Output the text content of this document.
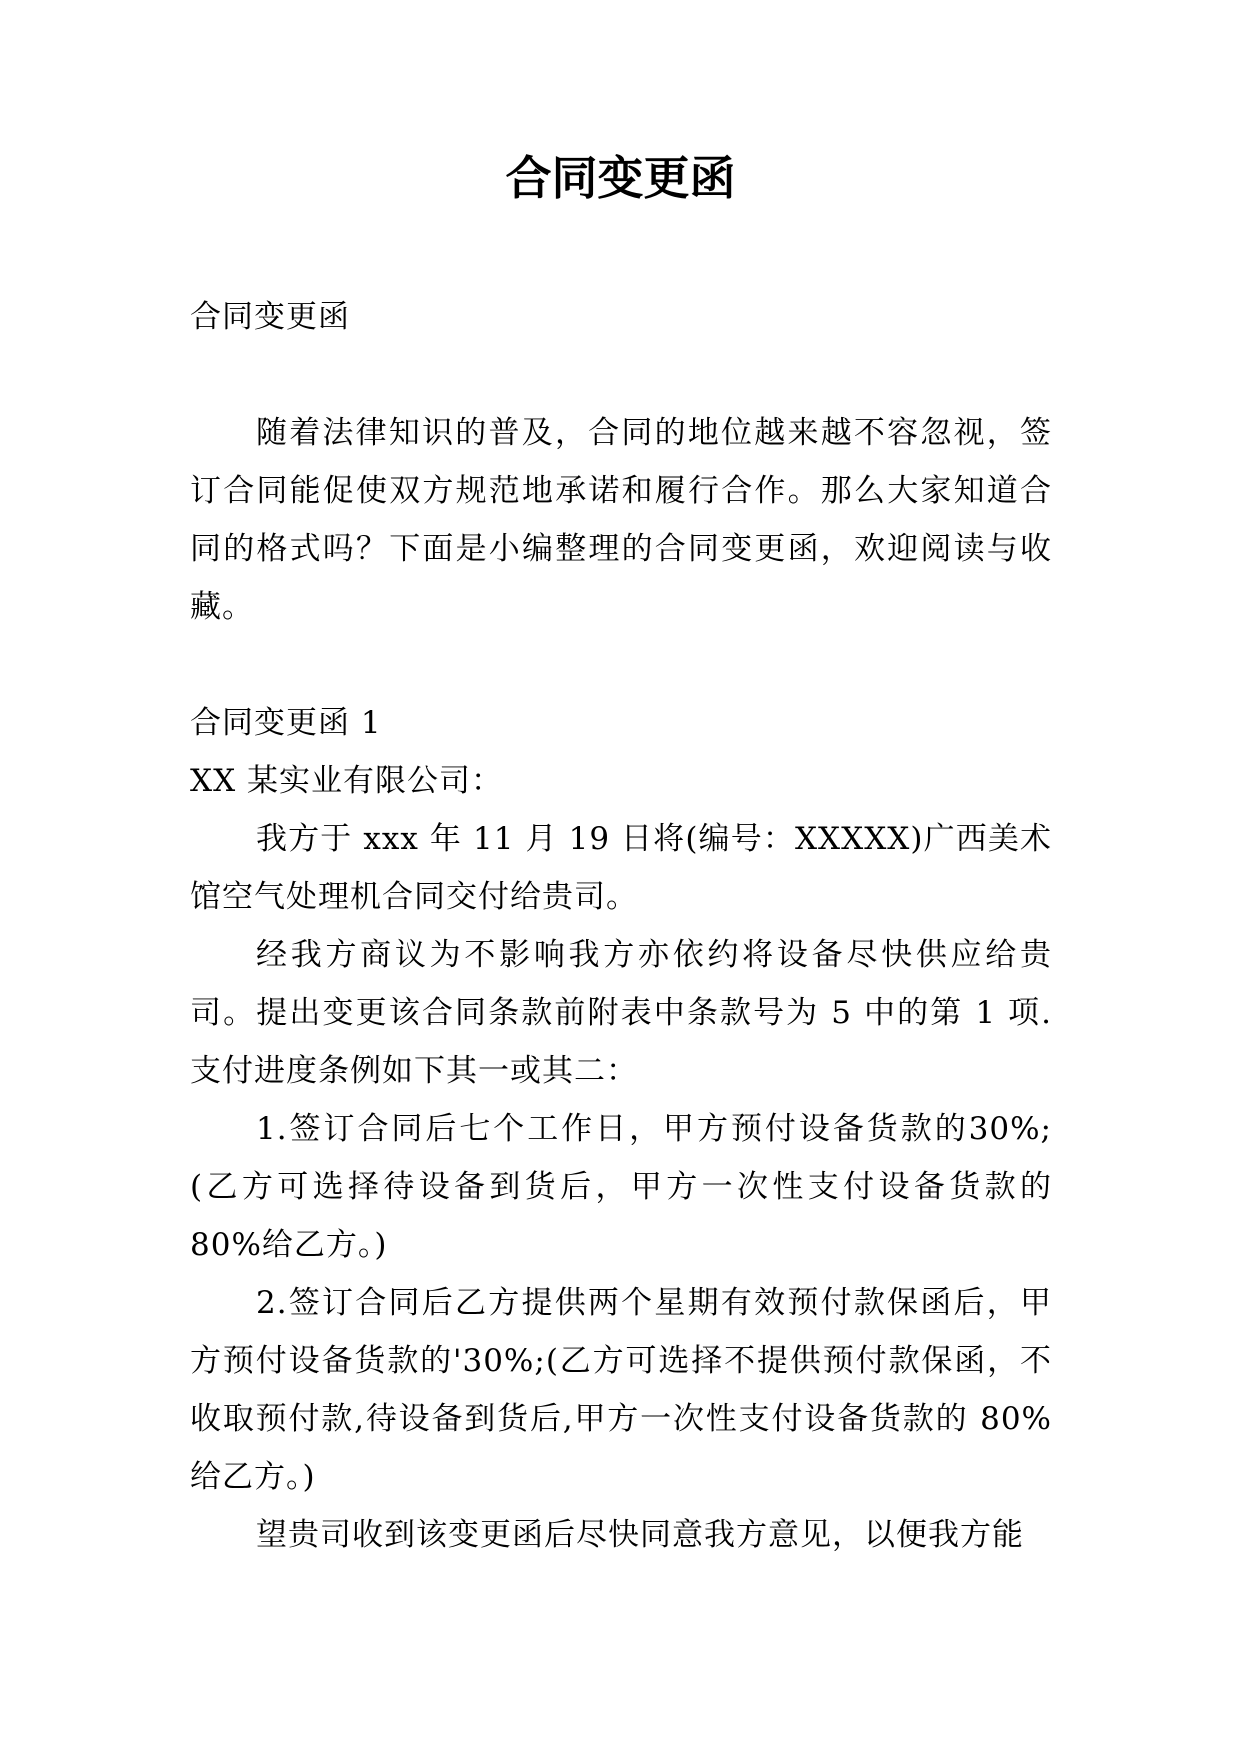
合同变更函

合同变更函

随着法律知识的普及，合同的地位越来越不容忽视，签订合同能促使双方规范地承诺和履行合作。那么大家知道合同的格式吗？下面是小编整理的合同变更函，欢迎阅读与收藏。

合同变更函 1

XX 某实业有限公司：

我方于 xxx 年 11 月 19 日将(编号：XXXXX)广西美术馆空气处理机合同交付给贵司。

经我方商议为不影响我方亦依约将设备尽快供应给贵司。提出变更该合同条款前附表中条款号为 5 中的第 1 项.支付进度条例如下其一或其二：

1.签订合同后七个工作日，甲方预付设备货款的30%;(乙方可选择待设备到货后，甲方一次性支付设备货款的 80%给乙方。)

2.签订合同后乙方提供两个星期有效预付款保函后，甲方预付设备货款的'30%;(乙方可选择不提供预付款保函，不收取预付款,待设备到货后,甲方一次性支付设备货款的 80%给乙方。)

望贵司收到该变更函后尽快同意我方意见，以便我方能
